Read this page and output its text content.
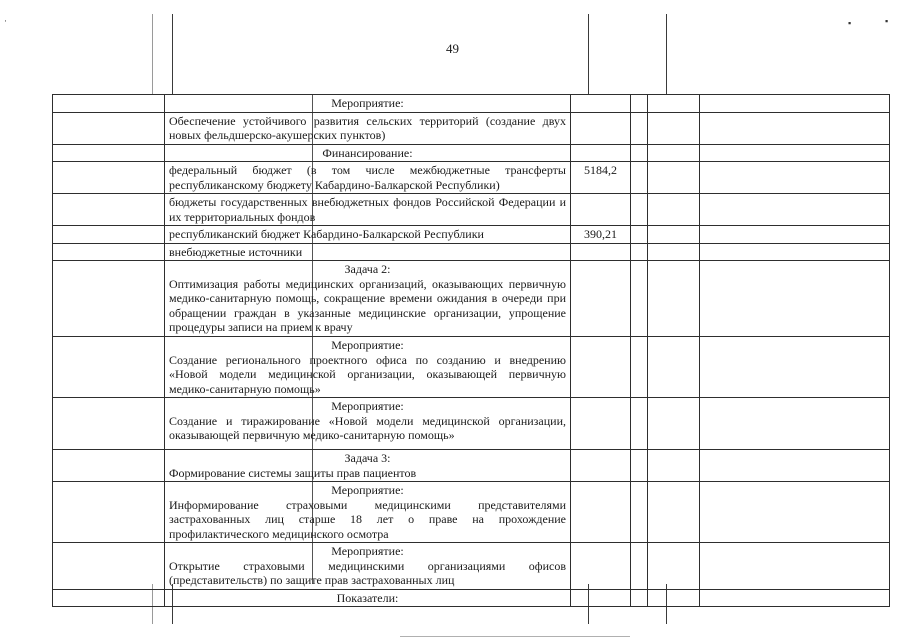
▪	▪
·
49

	Мероприятие:				

	Обеспечение устойчивого развития сельских территорий (создание двух новых фельдшерско-акушерских пунктов)				

	Финансирование:				

	федеральный бюджет (в том числе межбюджетные трансферты республиканскому бюджету Кабардино-Балкарской Республики)	5184,2			

	бюджеты государственных внебюджетных фондов Российской Федерации и их территориальных фондов				

	республиканский бюджет Кабардино-Балкарской Республики	390,21			

	внебюджетные источники				

	Задача 2:
Оптимизация работы медицинских организаций, оказывающих первичную медико-санитарную помощь, сокращение времени ожидания в очереди при обращении граждан в указанные медицинские организации, упрощение процедуры записи на прием к врачу				

	Мероприятие:
Создание регионального проектного офиса по созданию и внедрению «Новой модели медицинской организации, оказывающей первичную медико-санитарную помощь»				

	Мероприятие:
Создание и тиражирование «Новой модели медицинской организации, оказывающей первичную медико-санитарную помощь»				

	Задача 3:
Формирование системы защиты прав пациентов				

	Мероприятие:
Информирование страховыми медицинскими представителями застрахованных лиц старше 18 лет о праве на прохождение профилактического медицинского осмотра				

	Мероприятие:
Открытие страховыми медицинскими организациями офисов (представительств) по защите прав застрахованных лиц				

	Показатели:				
